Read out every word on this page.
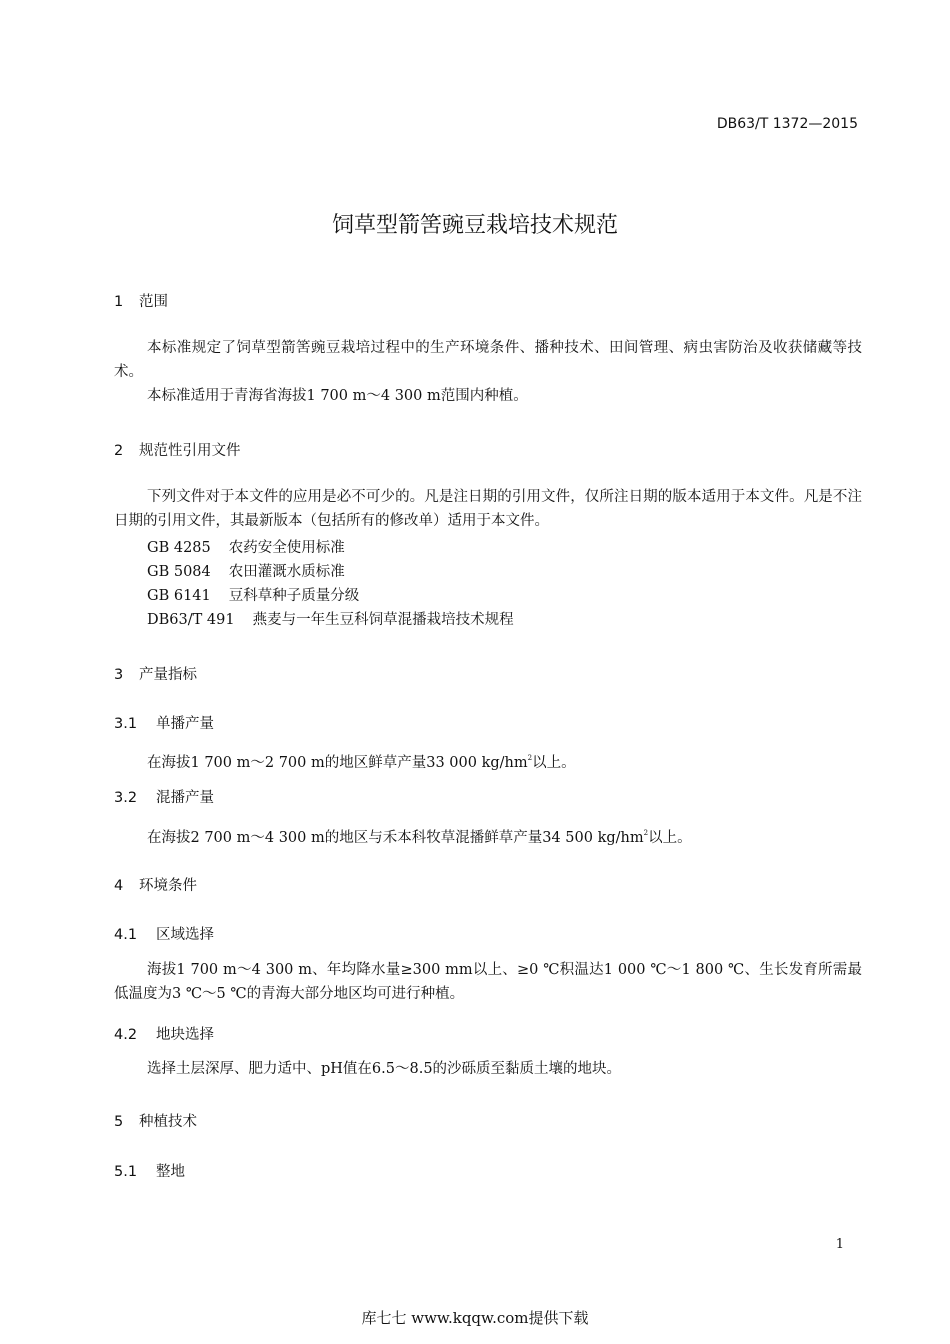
DB63/T 1372—2015
饲草型箭筈豌豆栽培技术规范
1 范围
本标准规定了饲草型箭筈豌豆栽培过程中的生产环境条件、播种技术、田间管理、病虫害防治及收获储藏等技术。
本标准适用于青海省海拔1 700 m～4 300 m范围内种植。
2 规范性引用文件
下列文件对于本文件的应用是必不可少的。凡是注日期的引用文件，仅所注日期的版本适用于本文件。凡是不注日期的引用文件，其最新版本（包括所有的修改单）适用于本文件。
GB 4285 农药安全使用标准
GB 5084 农田灌溉水质标准
GB 6141 豆科草种子质量分级
DB63/T 491 燕麦与一年生豆科饲草混播栽培技术规程
3 产量指标
3.1 单播产量
在海拔1 700 m～2 700 m的地区鲜草产量33 000 $kg/hm^2$以上。
3.2 混播产量
在海拔2 700 m～4 300 m的地区与禾本科牧草混播鲜草产量34 500 $kg/hm^2$以上。
4 环境条件
4.1 区域选择
海拔1 700 m～4 300 m、年均降水量≥300 mm以上、≥0 ℃积温达1 000 ℃～1 800 ℃、生长发育所需最低温度为3 ℃～5 ℃的青海大部分地区均可进行种植。
4.2 地块选择
选择土层深厚、肥力适中、pH值在6.5～8.5的沙砾质至黏质土壤的地块。
5 种植技术
5.1 整地
1
库七七 www.kqqw.com提供下载
